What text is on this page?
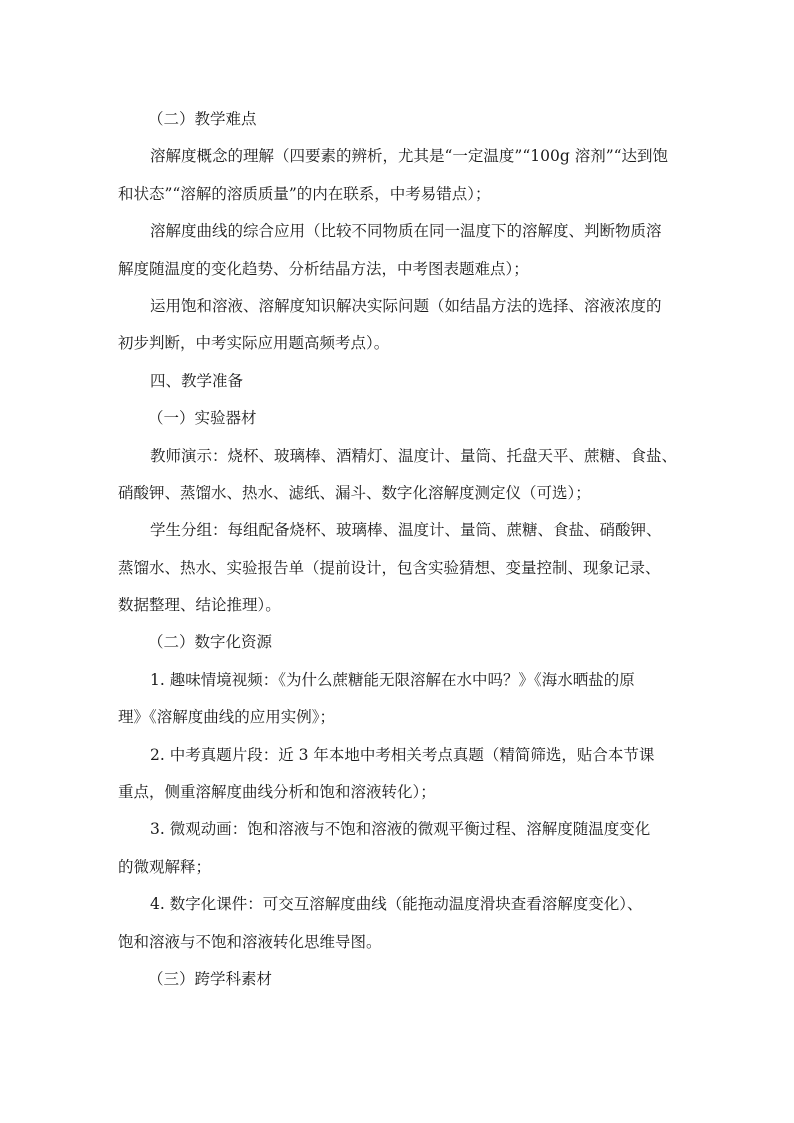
（二）教学难点
溶解度概念的理解（四要素的辨析，尤其是“一定温度”“100g 溶剂”“达到饱
和状态”“溶解的溶质质量”的内在联系，中考易错点）；
溶解度曲线的综合应用（比较不同物质在同一温度下的溶解度、判断物质溶
解度随温度的变化趋势、分析结晶方法，中考图表题难点）；
运用饱和溶液、溶解度知识解决实际问题（如结晶方法的选择、溶液浓度的
初步判断，中考实际应用题高频考点）。
四、教学准备
（一）实验器材
教师演示：烧杯、玻璃棒、酒精灯、温度计、量筒、托盘天平、蔗糖、食盐、
硝酸钾、蒸馏水、热水、滤纸、漏斗、数字化溶解度测定仪（可选）；
学生分组：每组配备烧杯、玻璃棒、温度计、量筒、蔗糖、食盐、硝酸钾、
蒸馏水、热水、实验报告单（提前设计，包含实验猜想、变量控制、现象记录、
数据整理、结论推理）。
（二）数字化资源
1. 趣味情境视频：《为什么蔗糖能无限溶解在水中吗？》《海水晒盐的原
理》《溶解度曲线的应用实例》；
2. 中考真题片段：近 3 年本地中考相关考点真题（精简筛选，贴合本节课
重点，侧重溶解度曲线分析和饱和溶液转化）；
3. 微观动画：饱和溶液与不饱和溶液的微观平衡过程、溶解度随温度变化
的微观解释；
4. 数字化课件：可交互溶解度曲线（能拖动温度滑块查看溶解度变化）、
饱和溶液与不饱和溶液转化思维导图。
（三）跨学科素材
